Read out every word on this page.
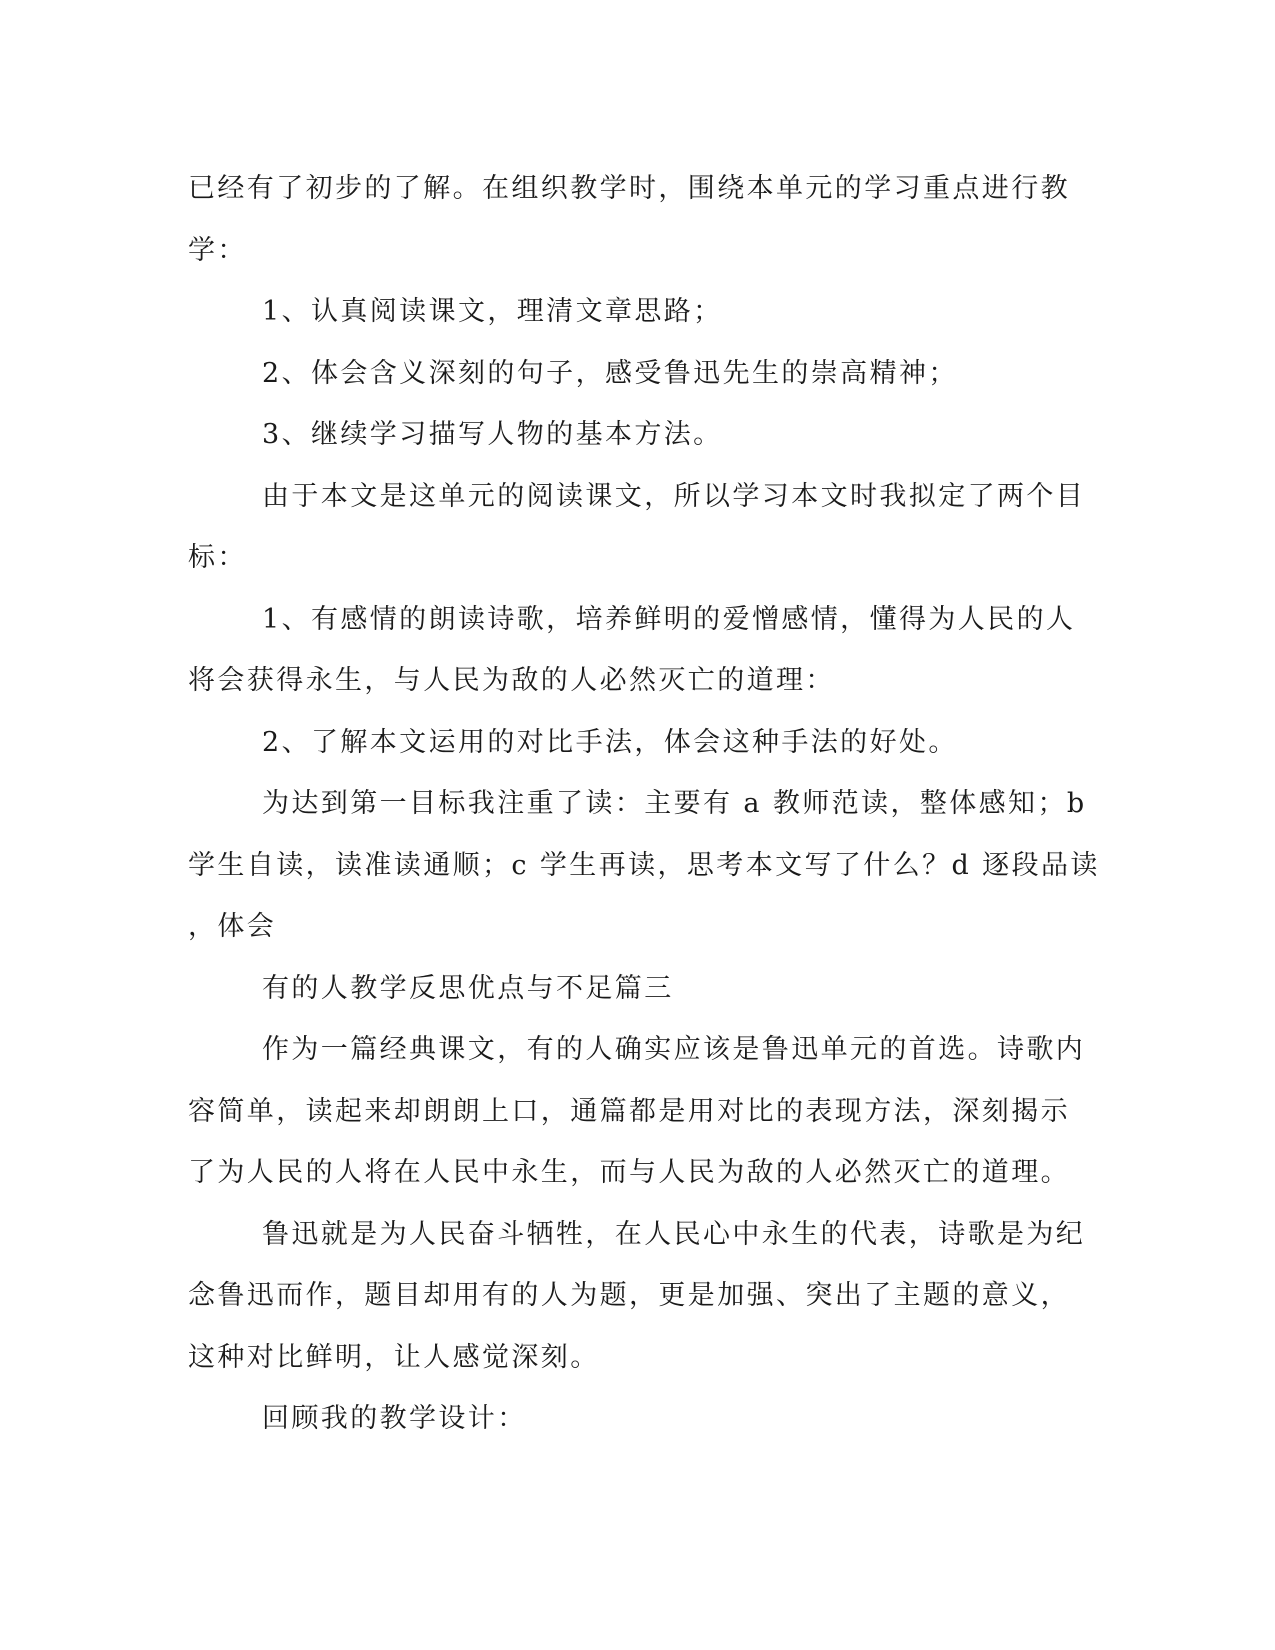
已经有了初步的了解。在组织教学时，围绕本单元的学习重点进行教
学：
1、认真阅读课文，理清文章思路；
2、体会含义深刻的句子，感受鲁迅先生的崇高精神；
3、继续学习描写人物的基本方法。
由于本文是这单元的阅读课文，所以学习本文时我拟定了两个目
标：
1、有感情的朗读诗歌，培养鲜明的爱憎感情，懂得为人民的人
将会获得永生，与人民为敌的人必然灭亡的道理：
2、了解本文运用的对比手法，体会这种手法的好处。
为达到第一目标我注重了读：主要有 a 教师范读，整体感知；b
学生自读，读准读通顺；c 学生再读，思考本文写了什么？d 逐段品读
，体会
有的人教学反思优点与不足篇三
作为一篇经典课文，有的人确实应该是鲁迅单元的首选。诗歌内
容简单，读起来却朗朗上口，通篇都是用对比的表现方法，深刻揭示
了为人民的人将在人民中永生，而与人民为敌的人必然灭亡的道理。
鲁迅就是为人民奋斗牺牲，在人民心中永生的代表，诗歌是为纪
念鲁迅而作，题目却用有的人为题，更是加强、突出了主题的意义，
这种对比鲜明，让人感觉深刻。
回顾我的教学设计：
